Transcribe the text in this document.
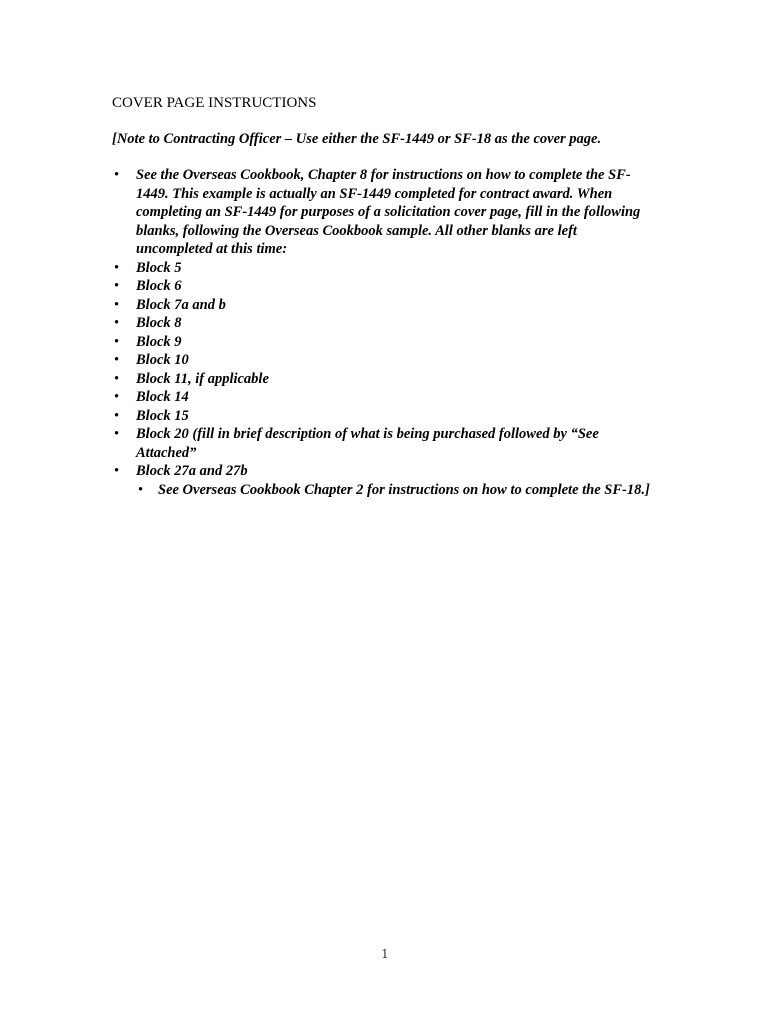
COVER PAGE INSTRUCTIONS

[Note to Contracting Officer – Use either the SF-1449 or SF-18 as the cover page.

• See the Overseas Cookbook, Chapter 8 for instructions on how to complete the SF-1449. This example is actually an SF-1449 completed for contract award. When completing an SF-1449 for purposes of a solicitation cover page, fill in the following blanks, following the Overseas Cookbook sample. All other blanks are left uncompleted at this time:
• Block 5
• Block 6
• Block 7a and b
• Block 8
• Block 9
• Block 10
• Block 11, if applicable
• Block 14
• Block 15
• Block 20 (fill in brief description of what is being purchased followed by “See Attached”
• Block 27a and 27b
• See Overseas Cookbook Chapter 2 for instructions on how to complete the SF-18.]
1
